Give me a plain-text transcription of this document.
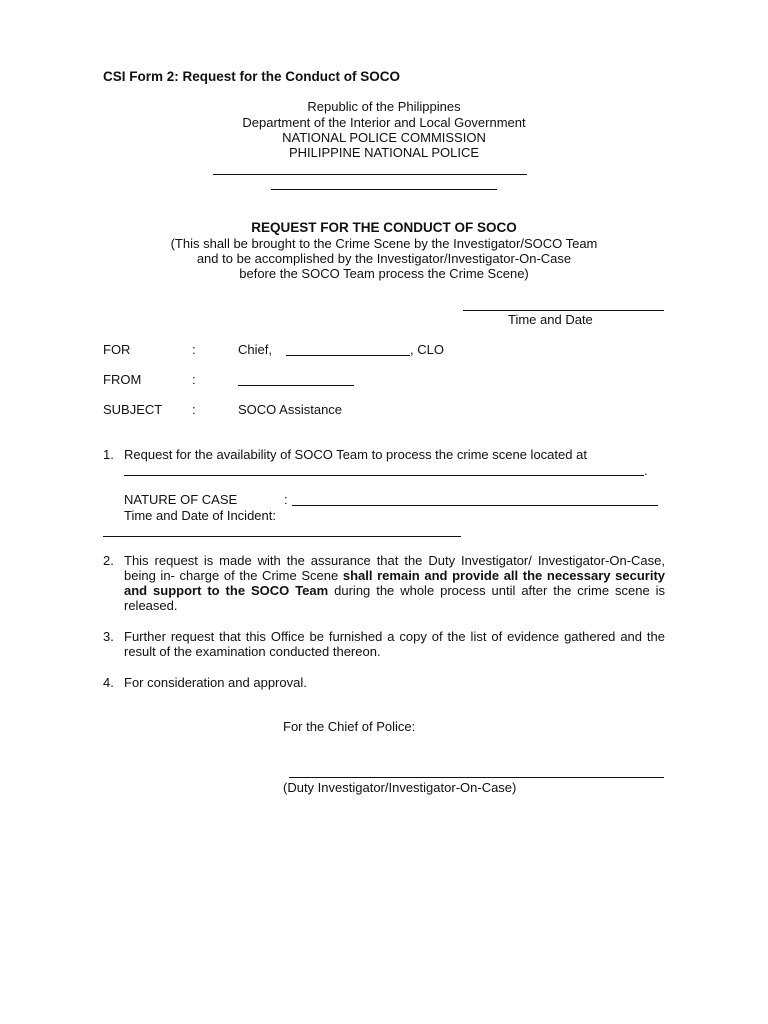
CSI Form 2: Request for the Conduct of SOCO
Republic of the Philippines
Department of the Interior and Local Government
NATIONAL POLICE COMMISSION
PHILIPPINE NATIONAL POLICE
REQUEST FOR THE CONDUCT OF SOCO
(This shall be brought to the Crime Scene by the Investigator/SOCO Team
and to be accomplished by the Investigator/Investigator-On-Case
before the SOCO Team process the Crime Scene)
Time and Date
FOR	:	Chief,	, CLO
FROM	:
SUBJECT :	SOCO Assistance
1. Request for the availability of SOCO Team to process the crime scene located at
.
NATURE OF CASE	:
Time and Date of Incident:
2. This request is made with the assurance that the Duty Investigator/ Investigator-On-Case, being in- charge of the Crime Scene shall remain and provide all the necessary security and support to the SOCO Team during the whole process until after the crime scene is released.
3. Further request that this Office be furnished a copy of the list of evidence gathered and the result of the examination conducted thereon.
4. For consideration and approval.
For the Chief of Police:
(Duty Investigator/Investigator-On-Case)
